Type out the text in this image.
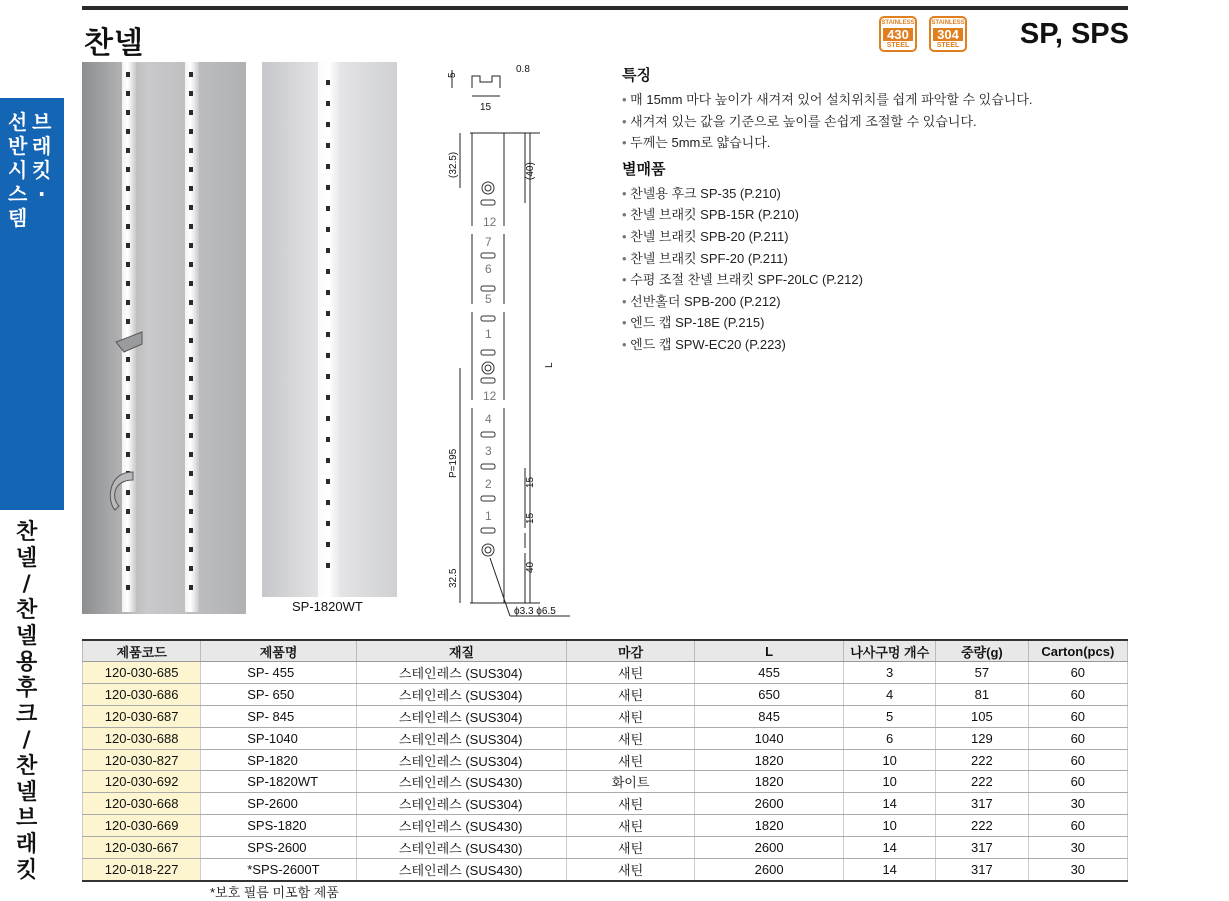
찬넬
STAINLESS
430
STEEL
STAINLESS
304
STEEL SP, SPS
선
반
시
스
템
브
래
킷
·
찬
넬
/
찬
넬
용
후
크
/
찬
넬
브
래
킷
SP-1820WT
12
7
6
5
1
12
4
3
2
1
5
0.8
15
(32.5)	(40)
L
P=195
15
15
40
32.5
ϕ3.3 ϕ6.5
특징
• 매 15mm 마다 높이가 새겨져 있어 설치위치를 쉽게 파악할 수 있습니다.
• 새겨져 있는 값을 기준으로 높이를 손쉽게 조절할 수 있습니다.
• 두께는 5mm로 얇습니다.
별매품
• 찬넬용 후크 SP-35 (P.210)
• 찬넬 브래킷 SPB-15R (P.210)
• 찬넬 브래킷 SPB-20 (P.211)
• 찬넬 브래킷 SPF-20 (P.211)
• 수평 조절 찬넬 브래킷 SPF-20LC (P.212)
• 선반홀더 SPB-200 (P.212)
• 엔드 캡 SP-18E (P.215)
• 엔드 캡 SPW-EC20 (P.223)
제품코드	제품명	재질	마감	L	나사구멍 개수	중량(g)	Carton(pcs)
120-030-685	SP- 455	스테인레스 (SUS304)	새틴	455	3	57	60
120-030-686	SP- 650	스테인레스 (SUS304)	새틴	650	4	81	60
120-030-687	SP- 845	스테인레스 (SUS304)	새틴	845	5	105	60
120-030-688	SP-1040	스테인레스 (SUS304)	새틴	1040	6	129	60
120-030-827	SP-1820	스테인레스 (SUS304)	새틴	1820	10	222	60
120-030-692	SP-1820WT	스테인레스 (SUS430)	화이트	1820	10	222	60
120-030-668	SP-2600	스테인레스 (SUS304)	새틴	2600	14	317	30
120-030-669	SPS-1820	스테인레스 (SUS430)	새틴	1820	10	222	60
120-030-667	SPS-2600	스테인레스 (SUS430)	새틴	2600	14	317	30
120-018-227	*SPS-2600T	스테인레스 (SUS430)	새틴	2600	14	317	30
*보호 필름 미포함 제품
